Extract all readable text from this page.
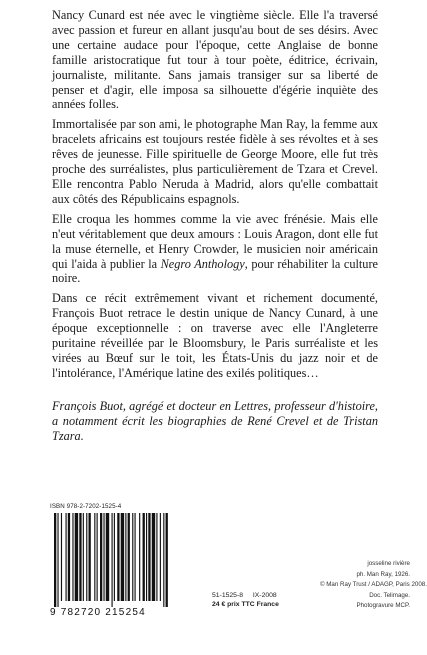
Nancy Cunard est née avec le vingtième siècle. Elle l'a traversé avec passion et fureur en allant jusqu'au bout de ses désirs. Avec une certaine audace pour l'époque, cette Anglaise de bonne famille aristocratique fut tour à tour poète, éditrice, écrivain, journaliste, militante. Sans jamais transiger sur sa liberté de penser et d'agir, elle imposa sa silhouette d'égérie inquiète des années folles.

Immortalisée par son ami, le photographe Man Ray, la femme aux bracelets africains est toujours restée fidèle à ses révoltes et à ses rêves de jeunesse. Fille spirituelle de George Moore, elle fut très proche des surréalistes, plus particulièrement de Tzara et Crevel. Elle rencontra Pablo Neruda à Madrid, alors qu'elle combattait aux côtés des Républicains espagnols.

Elle croqua les hommes comme la vie avec frénésie. Mais elle n'eut véritablement que deux amours : Louis Aragon, dont elle fut la muse éternelle, et Henry Crowder, le musicien noir américain qui l'aida à publier la Negro Anthology, pour réhabiliter la culture noire.

Dans ce récit extrêmement vivant et richement documenté, François Buot retrace le destin unique de Nancy Cunard, à une époque exceptionnelle : on traverse avec elle l'Angleterre puritaine réveillée par le Bloomsbury, le Paris surréaliste et les virées au Bœuf sur le toit, les États-Unis du jazz noir et de l'intolérance, l'Amérique latine des exilés politiques…

François Buot, agrégé et docteur en Lettres, professeur d'histoire, a notamment écrit les biographies de René Crevel et de Tristan Tzara.

ISBN 978-2-7202-1525-4
9 782720 215254
51-1525-8 IX-2008
24 € prix TTC France
josseline rivière
ph. Man Ray, 1926.
© Man Ray Trust / ADAGP, Paris 2008.
Doc. Telimage.
Photogravure MCP.
